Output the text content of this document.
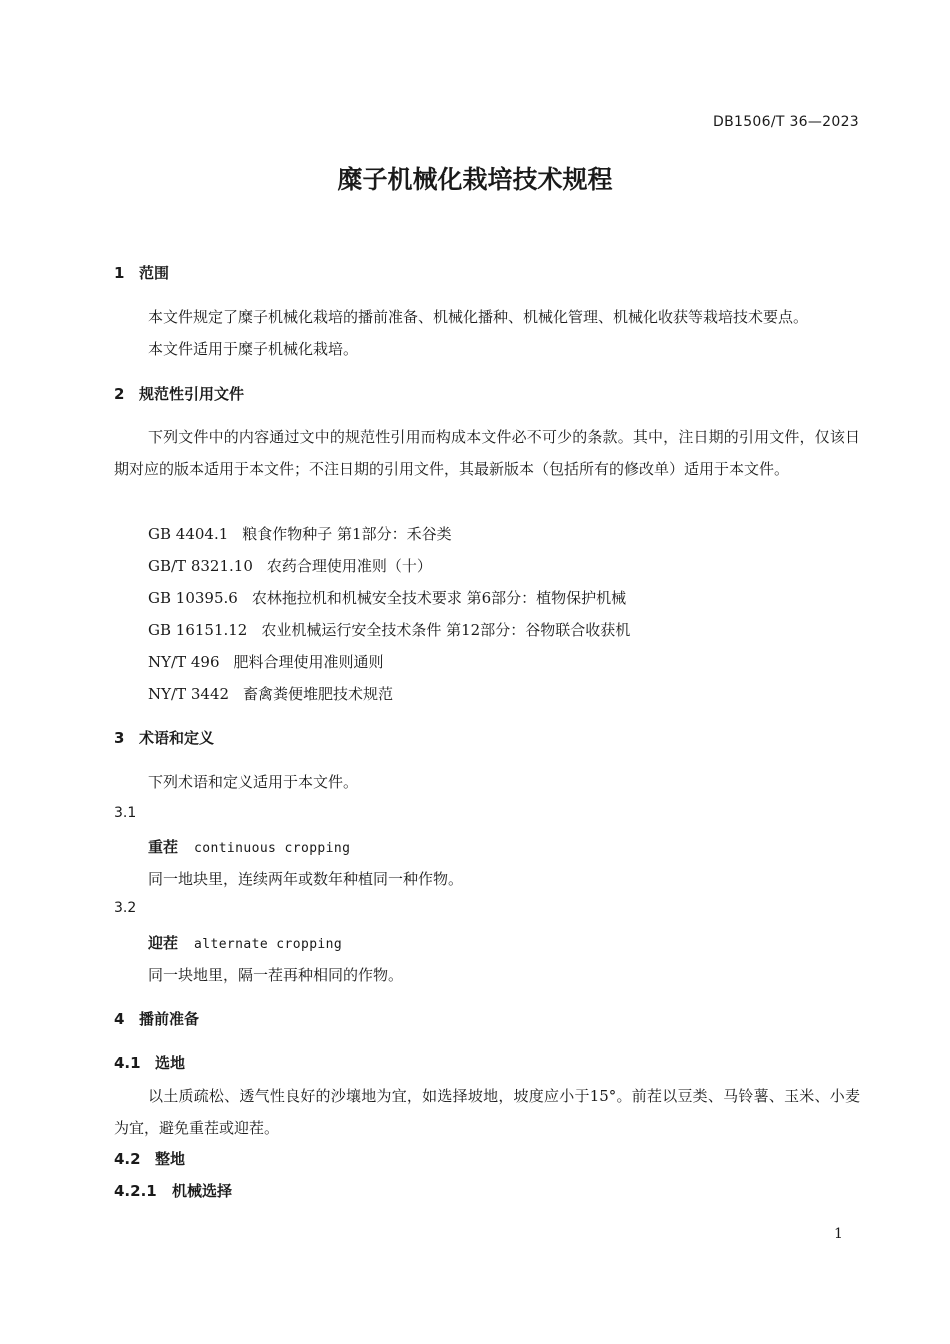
DB1506/T 36—2023
糜子机械化栽培技术规程
1 范围
本文件规定了糜子机械化栽培的播前准备、机械化播种、机械化管理、机械化收获等栽培技术要点。
本文件适用于糜子机械化栽培。
2 规范性引用文件
下列文件中的内容通过文中的规范性引用而构成本文件必不可少的条款。其中，注日期的引用文件，仅该日期对应的版本适用于本文件；不注日期的引用文件，其最新版本（包括所有的修改单）适用于本文件。
GB 4404.1 粮食作物种子 第1部分：禾谷类
GB/T 8321.10 农药合理使用准则（十）
GB 10395.6 农林拖拉机和机械安全技术要求 第6部分：植物保护机械
GB 16151.12 农业机械运行安全技术条件 第12部分：谷物联合收获机
NY/T 496 肥料合理使用准则通则
NY/T 3442 畜禽粪便堆肥技术规范
3 术语和定义
下列术语和定义适用于本文件。
3.1
重茬 continuous cropping
同一地块里，连续两年或数年种植同一种作物。
3.2
迎茬 alternate cropping
同一块地里，隔一茬再种相同的作物。
4 播前准备
4.1 选地
以土质疏松、透气性良好的沙壤地为宜，如选择坡地，坡度应小于15°。前茬以豆类、马铃薯、玉米、小麦为宜，避免重茬或迎茬。
4.2 整地
4.2.1 机械选择
1
